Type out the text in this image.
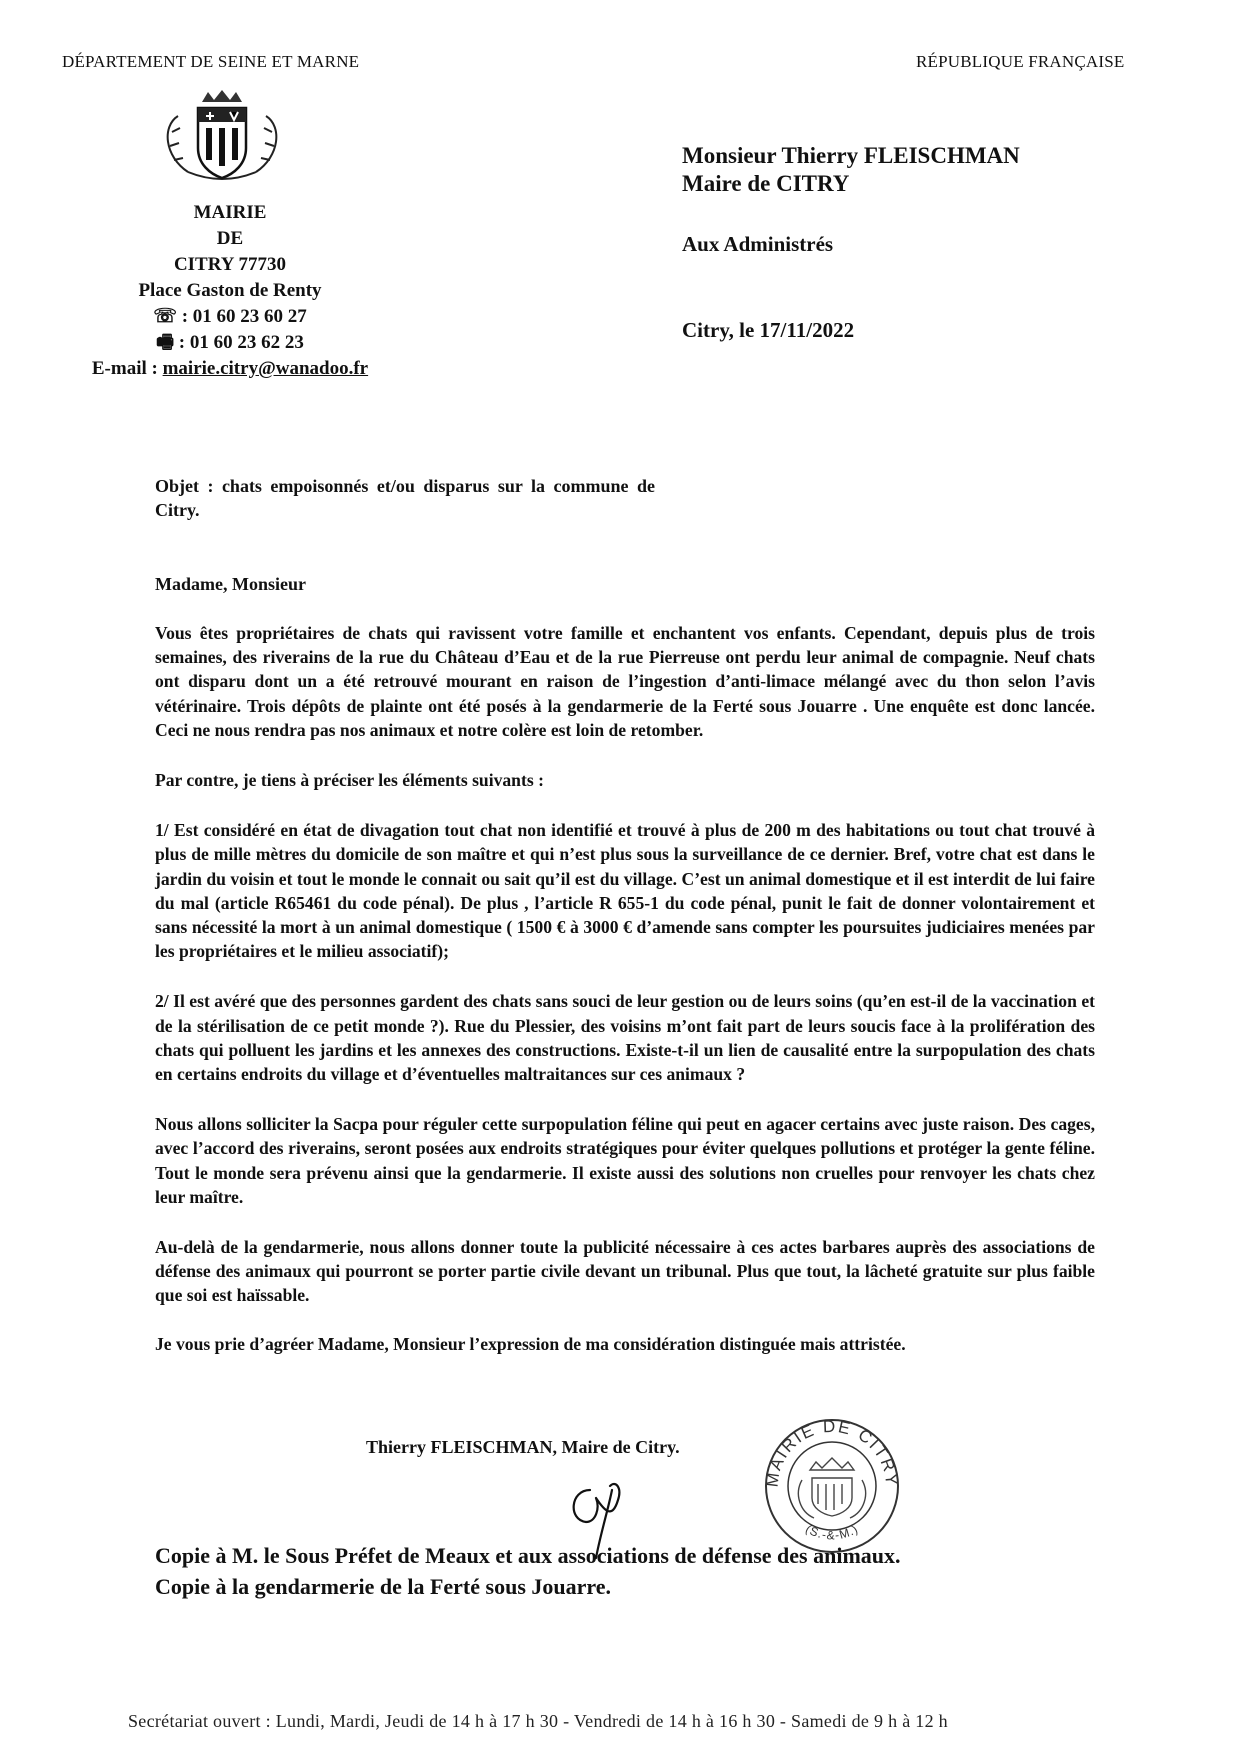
DÉPARTEMENT DE SEINE ET MARNE	RÉPUBLIQUE FRANÇAISE
MAIRIE
DE
CITRY 77730
Place Gaston de Renty
☏ : 01 60 23 60 27
🖷 : 01 60 23 62 23
E-mail : mairie.citry@wanadoo.fr
Monsieur Thierry FLEISCHMAN
Maire de CITRY
Aux Administrés
Citry, le 17/11/2022
Objet : chats empoisonnés et/ou disparus sur la commune de Citry.
Madame, Monsieur

Vous êtes propriétaires de chats qui ravissent votre famille et enchantent vos enfants. Cependant, depuis plus de trois semaines, des riverains de la rue du Château d’Eau et de la rue Pierreuse ont perdu leur animal de compagnie. Neuf chats ont disparu dont un a été retrouvé mourant en raison de l’ingestion d’anti-limace mélangé avec du thon selon l’avis vétérinaire. Trois dépôts de plainte ont été posés à la gendarmerie de la Ferté sous Jouarre . Une enquête est donc lancée. Ceci ne nous rendra pas nos animaux et notre colère est loin de retomber.

Par contre, je tiens à préciser les éléments suivants :

1/ Est considéré en état de divagation tout chat non identifié et trouvé à plus de 200 m des habitations ou tout chat trouvé à plus de mille mètres du domicile de son maître et qui n’est plus sous la surveillance de ce dernier. Bref, votre chat est dans le jardin du voisin et tout le monde le connait ou sait qu’il est du village. C’est un animal domestique et il est interdit de lui faire du mal (article R65461 du code pénal). De plus , l’article R 655-1 du code pénal, punit le fait de donner volontairement et sans nécessité la mort à un animal domestique ( 1500 € à 3000 € d’amende sans compter les poursuites judiciaires menées par les propriétaires et le milieu associatif);

2/ Il est avéré que des personnes gardent des chats sans souci de leur gestion ou de leurs soins (qu’en est-il de la vaccination et de la stérilisation de ce petit monde ?). Rue du Plessier, des voisins m’ont fait part de leurs soucis face à la prolifération des chats qui polluent les jardins et les annexes des constructions. Existe-t-il un lien de causalité entre la surpopulation des chats en certains endroits du village et d’éventuelles maltraitances sur ces animaux ?

Nous allons solliciter la Sacpa pour réguler cette surpopulation féline qui peut en agacer certains avec juste raison. Des cages, avec l’accord des riverains, seront posées aux endroits stratégiques pour éviter quelques pollutions et protéger la gente féline. Tout le monde sera prévenu ainsi que la gendarmerie. Il existe aussi des solutions non cruelles pour renvoyer les chats chez leur maître.

Au-delà de la gendarmerie, nous allons donner toute la publicité nécessaire à ces actes barbares auprès des associations de défense des animaux qui pourront se porter partie civile devant un tribunal. Plus que tout, la lâcheté gratuite sur plus faible que soi est haïssable.

Je vous prie d’agréer Madame, Monsieur l’expression de ma considération distinguée mais attristée.

Thierry FLEISCHMAN, Maire de Citry.
MAIRIE DE CITRY
(S.-&-M.)
Copie à M. le Sous Préfet de Meaux et aux associations de défense des animaux.
Copie à la gendarmerie de la Ferté sous Jouarre.
Secrétariat ouvert : Lundi, Mardi, Jeudi de 14 h à 17 h 30 - Vendredi de 14 h à 16 h 30 - Samedi de 9 h à 12 h
